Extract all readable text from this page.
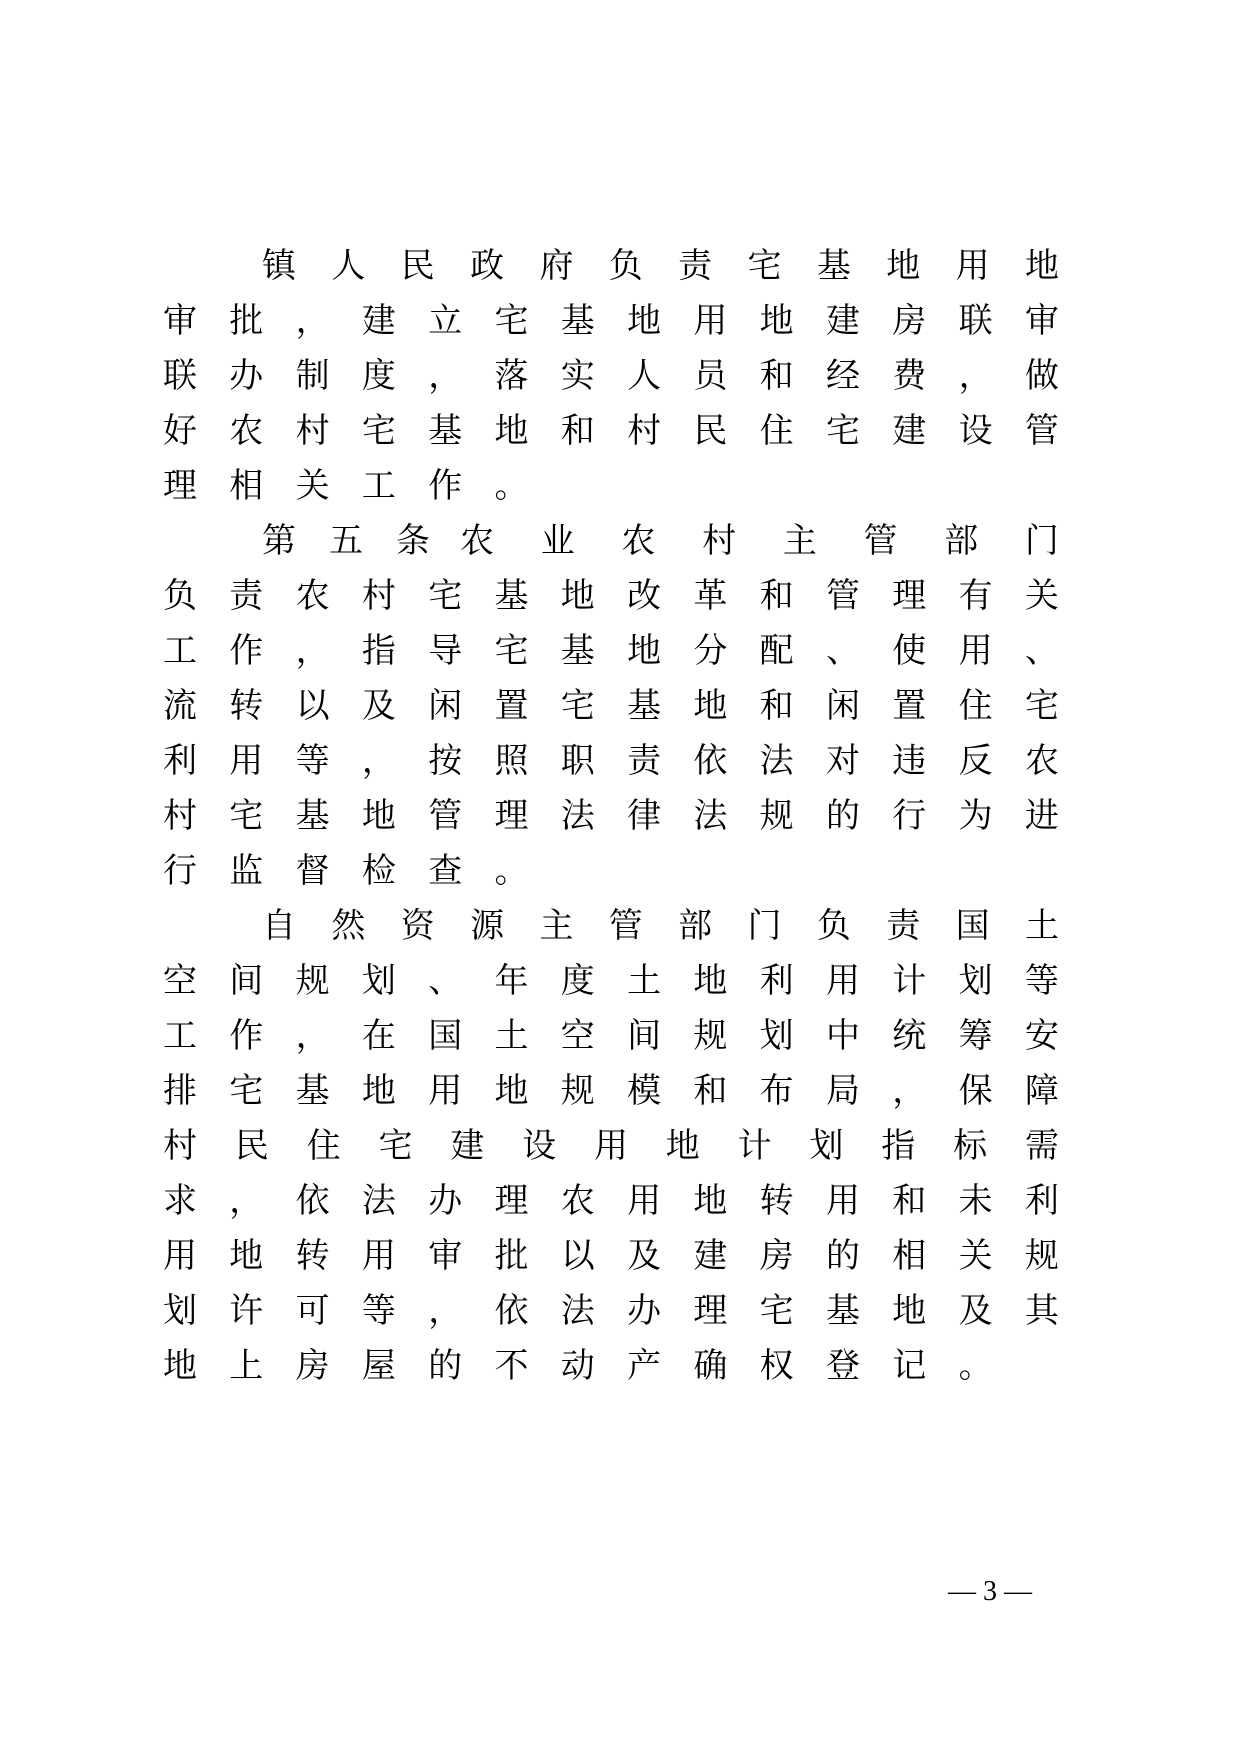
镇 人 民 政 府 负 责 宅 基 地 用 地
审 批 ， 建 立 宅 基 地 用 地 建 房 联 审
联 办 制 度 ， 落 实 人 员 和 经 费 ， 做
好 农 村 宅 基 地 和 村 民 住 宅 建 设 管
理 相 关 工 作 。
第 五 条 农 业 农 村 主 管 部 门
负 责 农 村 宅 基 地 改 革 和 管 理 有 关
工 作 ， 指 导 宅 基 地 分 配 、 使 用 、
流 转 以 及 闲 置 宅 基 地 和 闲 置 住 宅
利 用 等 ， 按 照 职 责 依 法 对 违 反 农
村 宅 基 地 管 理 法 律 法 规 的 行 为 进
行 监 督 检 查 。
自 然 资 源 主 管 部 门 负 责 国 土
空 间 规 划 、 年 度 土 地 利 用 计 划 等
工 作 ， 在 国 土 空 间 规 划 中 统 筹 安
排 宅 基 地 用 地 规 模 和 布 局 ， 保 障
村 民 住 宅 建 设 用 地 计 划 指 标 需
求 ， 依 法 办 理 农 用 地 转 用 和 未 利
用 地 转 用 审 批 以 及 建 房 的 相 关 规
划 许 可 等 ， 依 法 办 理 宅 基 地 及 其
地 上 房 屋 的 不 动 产 确 权 登 记 。
— 3 —
